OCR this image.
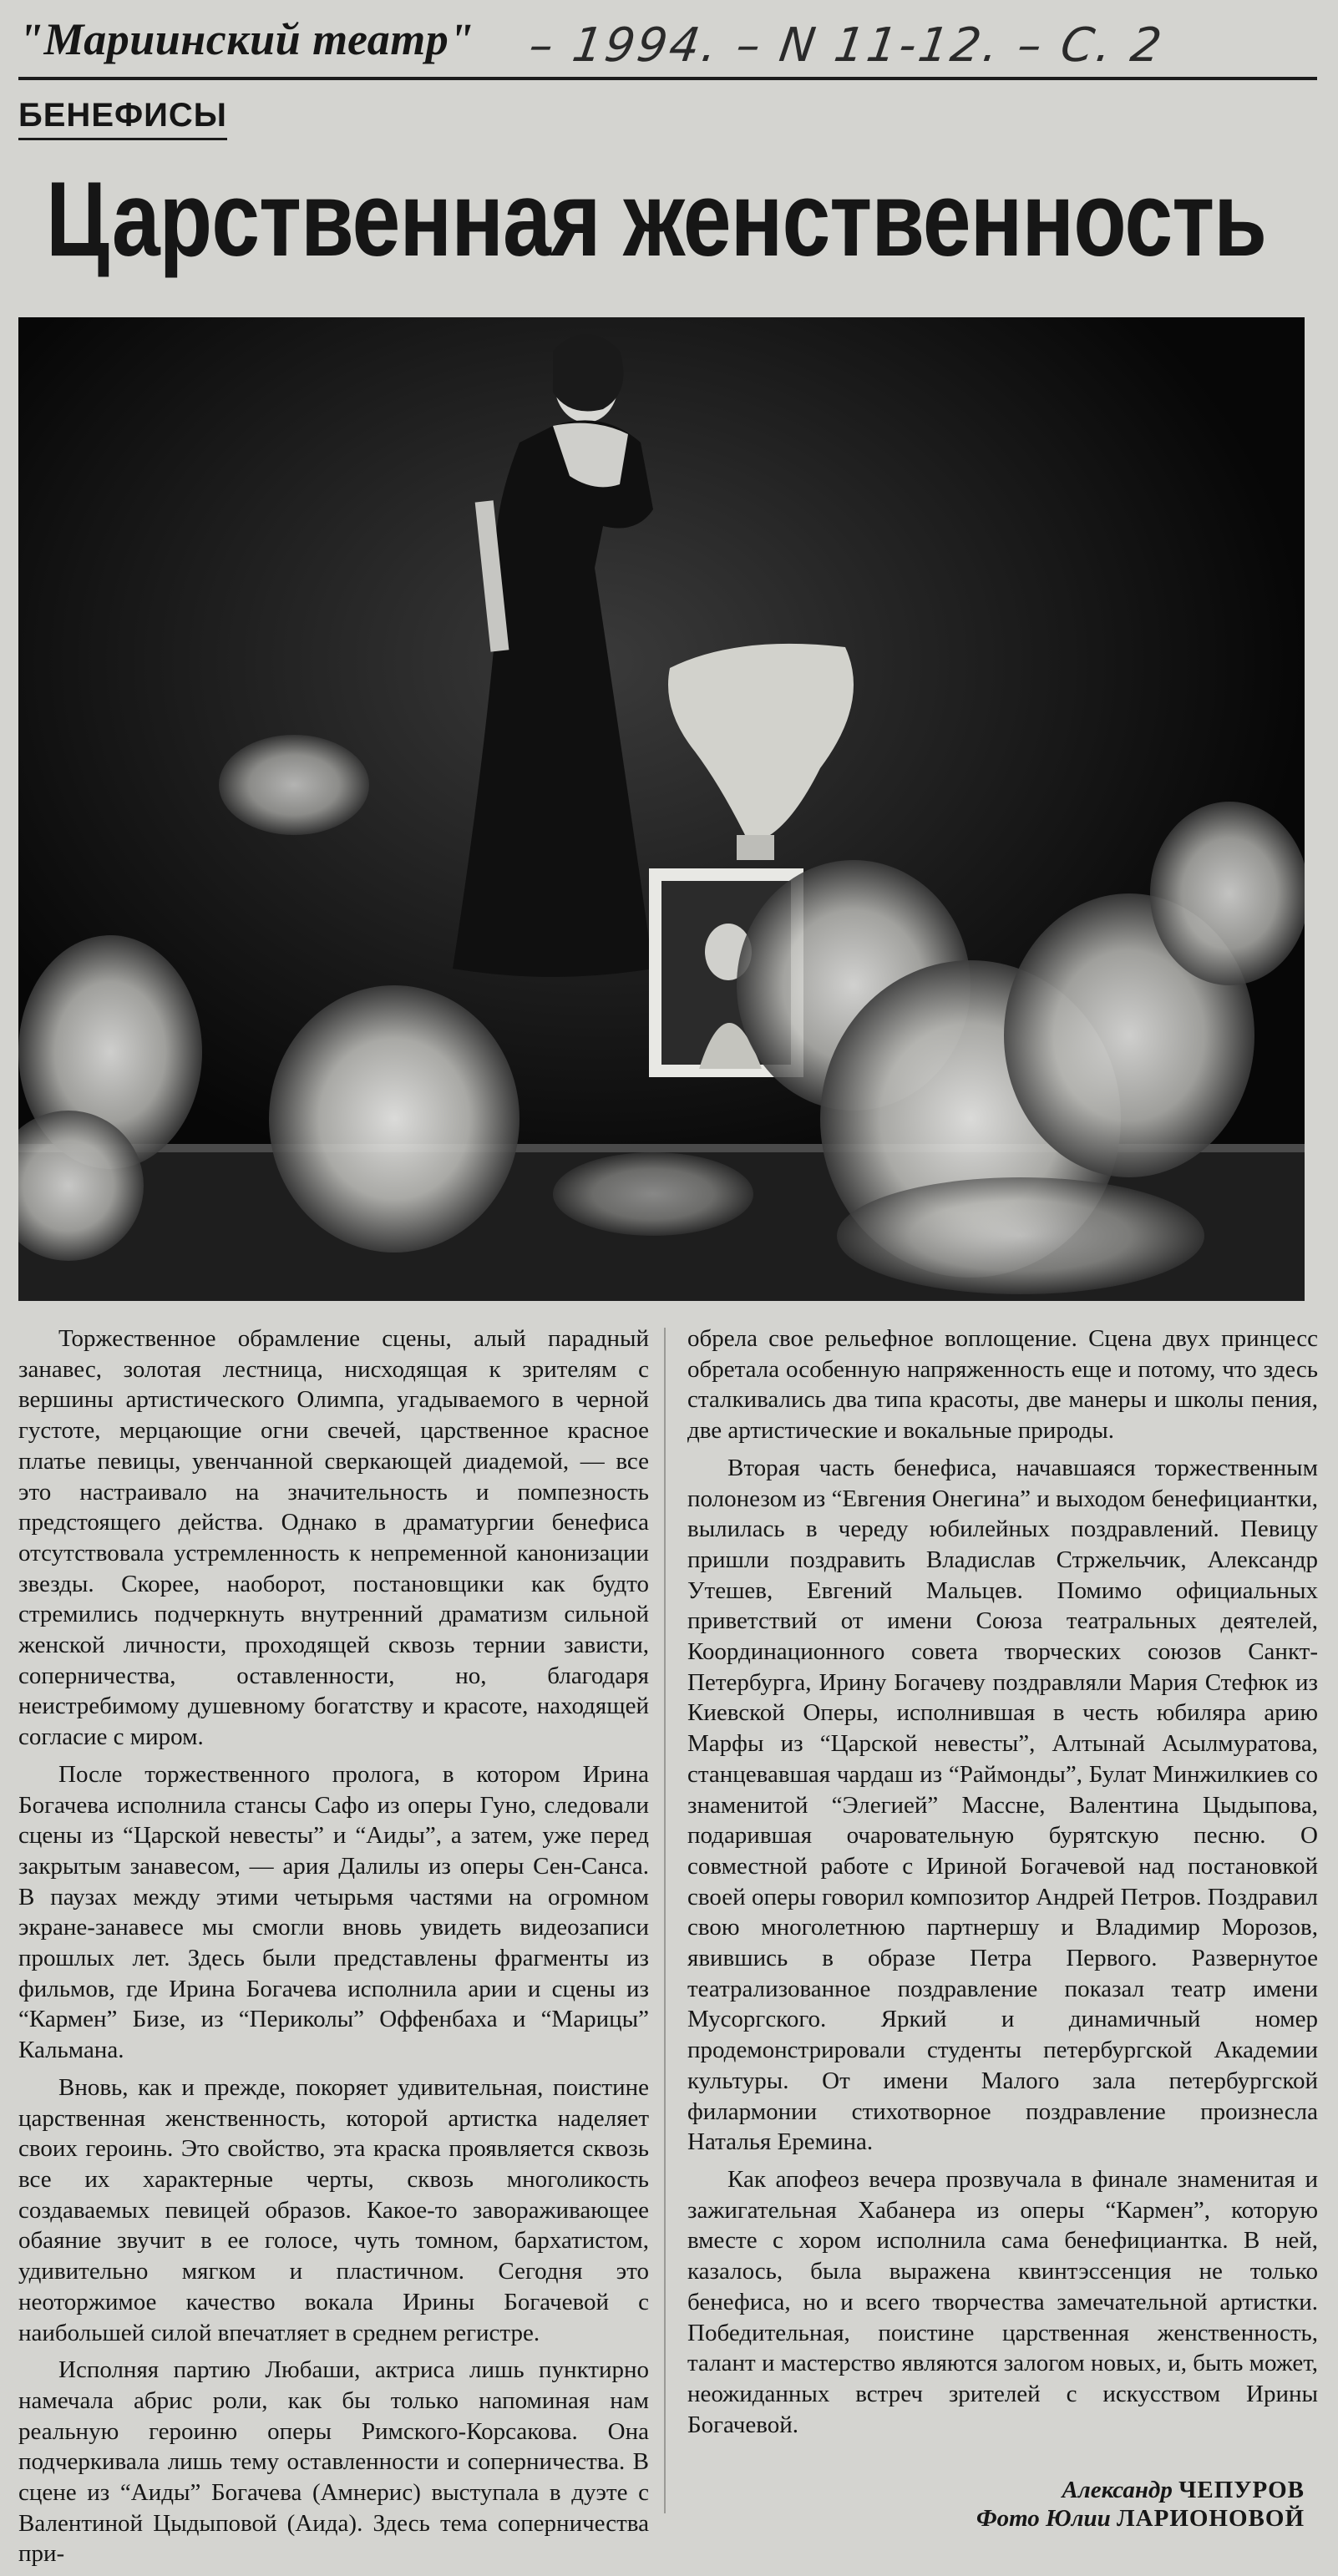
"Мариинский театр" – 1994. – N 11-12. – С. 2
БЕНЕФИСЫ
Царственная женственность

Торжественное обрамление сцены, алый парадный занавес, золотая лестница, нисходящая к зрителям с вершины артистического Олимпа, угадываемого в черной густоте, мерцающие огни свечей, царственное красное платье певицы, увенчанной сверкающей диадемой, — все это настраивало на значительность и помпезность предстоящего действа. Однако в драматургии бенефиса отсутствовала устремленность к непременной канонизации звезды. Скорее, наоборот, постановщики как будто стремились подчеркнуть внутренний драматизм сильной женской личности, проходящей сквозь тернии зависти, соперничества, оставленности, но, благодаря неистребимому душевному богатству и красоте, находящей согласие с миром.

После торжественного пролога, в котором Ирина Богачева исполнила стансы Сафо из оперы Гуно, следовали сцены из “Царской невесты” и “Аиды”, а затем, уже перед закрытым занавесом, — ария Далилы из оперы Сен-Санса. В паузах между этими четырьмя частями на огромном экране-занавесе мы смогли вновь увидеть видеозаписи прошлых лет. Здесь были представлены фрагменты из фильмов, где Ирина Богачева исполнила арии и сцены из “Кармен” Бизе, из “Периколы” Оффенбаха и “Марицы” Кальмана.

Вновь, как и прежде, покоряет удивительная, поистине царственная женственность, которой артистка наделяет своих героинь. Это свойство, эта краска проявляется сквозь все их характерные черты, сквозь многоликость создаваемых певицей образов. Какое-то завораживающее обаяние звучит в ее голосе, чуть томном, бархатистом, удивительно мягком и пластичном. Сегодня это неоторжимое качество вокала Ирины Богачевой с наибольшей силой впечатляет в среднем регистре.

Исполняя партию Любаши, актриса лишь пунктирно намечала абрис роли, как бы только напоминая нам реальную героиню оперы Римского-Корсакова. Она подчеркивала лишь тему оставленности и соперничества. В сцене из “Аиды” Богачева (Амнерис) выступала в дуэте с Валентиной Цыдыповой (Аида). Здесь тема соперничества при-

обрела свое рельефное воплощение. Сцена двух принцесс обретала особенную напряженность еще и потому, что здесь сталкивались два типа красоты, две манеры и школы пения, две артистические и вокальные природы.

Вторая часть бенефиса, начавшаяся торжественным полонезом из “Евгения Онегина” и выходом бенефициантки, вылилась в череду юбилейных поздравлений. Певицу пришли поздравить Владислав Стржельчик, Александр Утешев, Евгений Мальцев. Помимо официальных приветствий от имени Союза театральных деятелей, Координационного совета творческих союзов Санкт-Петербурга, Ирину Богачеву поздравляли Мария Стефюк из Киевской Оперы, исполнившая в честь юбиляра арию Марфы из “Царской невесты”, Алтынай Асылмуратова, станцевавшая чардаш из “Раймонды”, Булат Минжилкиев со знаменитой “Элегией” Массне, Валентина Цыдыпова, подарившая очаровательную бурятскую песню. О совместной работе с Ириной Богачевой над постановкой своей оперы говорил композитор Андрей Петров. Поздравил свою многолетнюю партнершу и Владимир Морозов, явившись в образе Петра Первого. Развернутое театрализованное поздравление показал театр имени Мусоргского. Яркий и динамичный номер продемонстрировали студенты петербургской Академии культуры. От имени Малого зала петербургской филармонии стихотворное поздравление произнесла Наталья Еремина.

Как апофеоз вечера прозвучала в финале знаменитая и зажигательная Хабанера из оперы “Кармен”, которую вместе с хором исполнила сама бенефициантка. В ней, казалось, была выражена квинтэссенция не только бенефиса, но и всего творчества замечательной артистки. Победительная, поистине царственная женственность, талант и мастерство являются залогом новых, и, быть может, неожиданных встреч зрителей с искусством Ирины Богачевой.

Александр ЧЕПУРОВ
Фото Юлии ЛАРИОНОВОЙ
